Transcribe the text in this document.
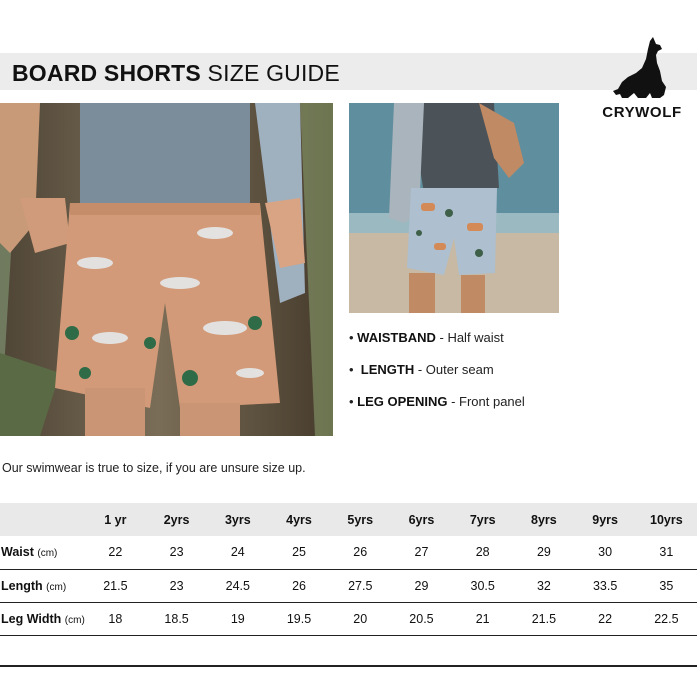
BOARD SHORTS SIZE GUIDE
CRYWOLF
• WAISTBAND - Half waist
•  LENGTH - Outer seam
• LEG OPENING - Front panel
Our swimwear is true to size, if you are unsure size up.
	1 yr	2yrs	3yrs	4yrs	5yrs	6yrs	7yrs	8yrs	9yrs	10yrs
Waist (cm)	22	23	24	25	26	27	28	29	30	31
Length (cm)	21.5	23	24.5	26	27.5	29	30.5	32	33.5	35
Leg Width (cm)	18	18.5	19	19.5	20	20.5	21	21.5	22	22.5
